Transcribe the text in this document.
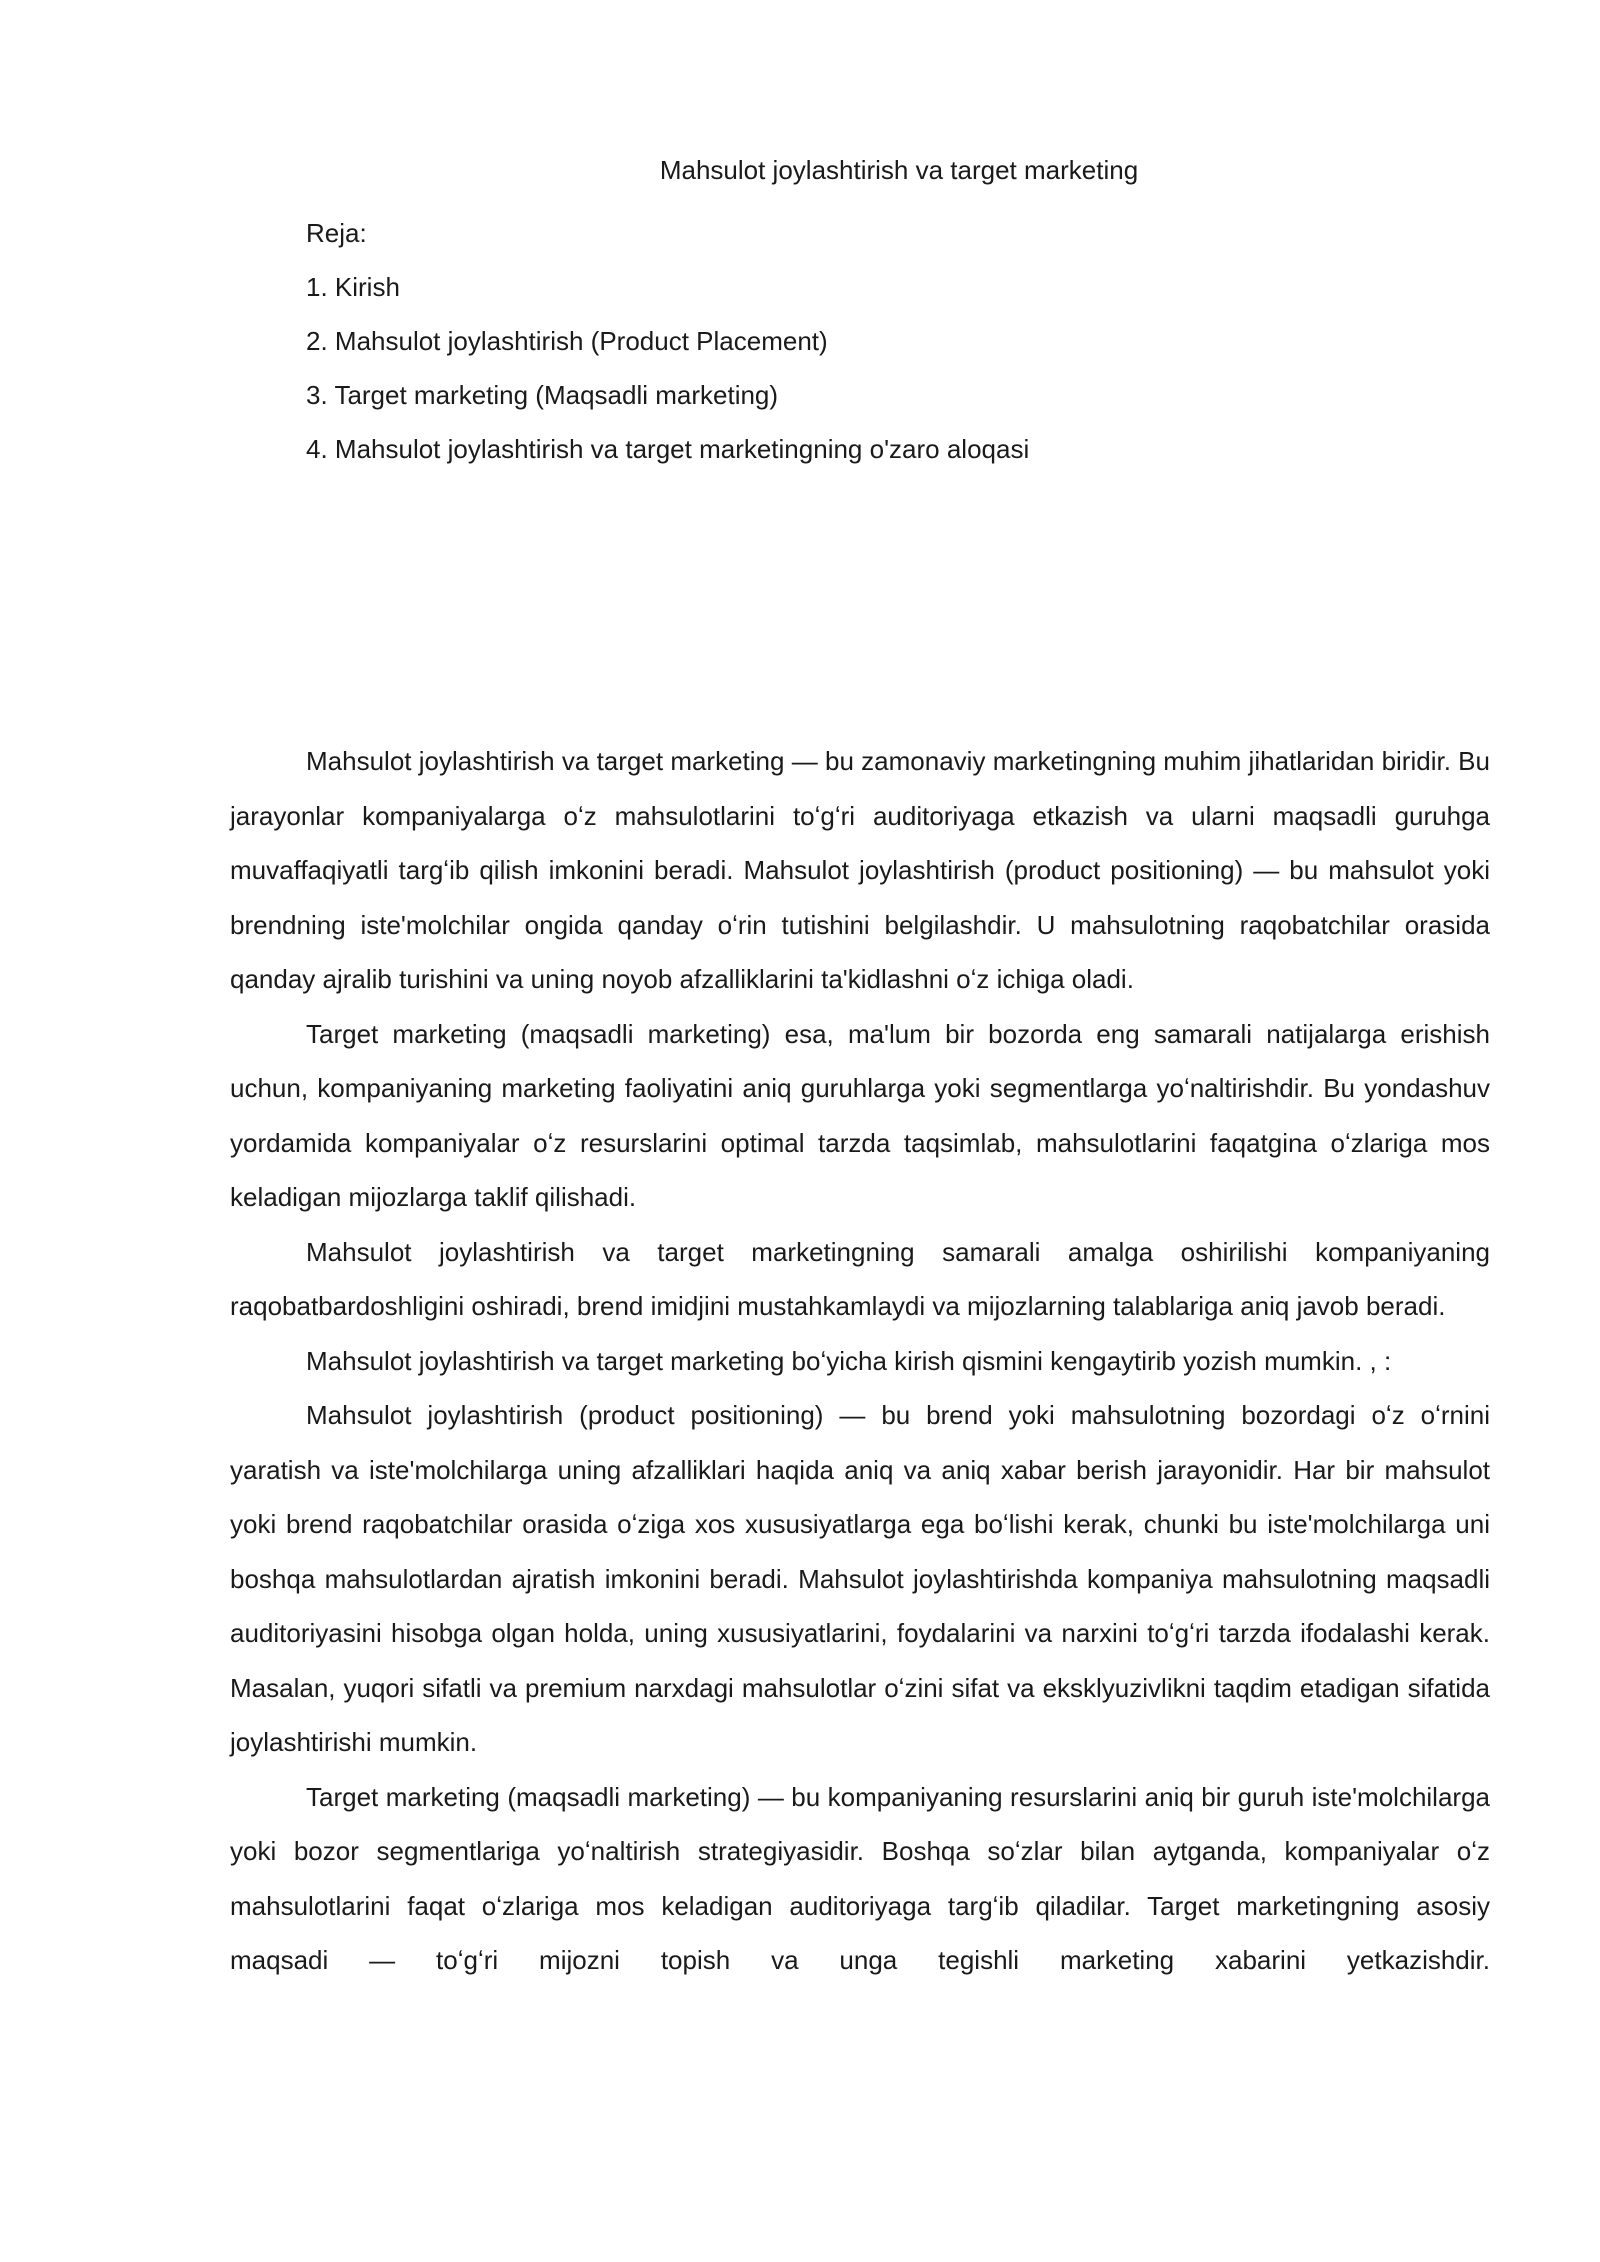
Mahsulot joylashtirish va target marketing

Reja:

1. Kirish

2. Mahsulot joylashtirish (Product Placement)

3. Target marketing (Maqsadli marketing)

4. Mahsulot joylashtirish va target marketingning o'zaro aloqasi

Mahsulot joylashtirish va target marketing — bu zamonaviy marketingning muhim jihatlaridan biridir. Bu jarayonlar kompaniyalarga oʻz mahsulotlarini toʻgʻri auditoriyaga etkazish va ularni maqsadli guruhga muvaffaqiyatli targʻib qilish imkonini beradi. Mahsulot joylashtirish (product positioning) — bu mahsulot yoki brendning iste'molchilar ongida qanday oʻrin tutishini belgilashdir. U mahsulotning raqobatchilar orasida qanday ajralib turishini va uning noyob afzalliklarini ta'kidlashni oʻz ichiga oladi.

Target marketing (maqsadli marketing) esa, ma'lum bir bozorda eng samarali natijalarga erishish uchun, kompaniyaning marketing faoliyatini aniq guruhlarga yoki segmentlarga yoʻnaltirishdir. Bu yondashuv yordamida kompaniyalar oʻz resurslarini optimal tarzda taqsimlab, mahsulotlarini faqatgina oʻzlariga mos keladigan mijozlarga taklif qilishadi.

Mahsulot joylashtirish va target marketingning samarali amalga oshirilishi kompaniyaning raqobatbardoshligini oshiradi, brend imidjini mustahkamlaydi va mijozlarning talablariga aniq javob beradi.

Mahsulot joylashtirish va target marketing boʻyicha kirish qismini kengaytirib yozish mumkin. , :

Mahsulot joylashtirish (product positioning) — bu brend yoki mahsulotning bozordagi oʻz oʻrnini yaratish va iste'molchilarga uning afzalliklari haqida aniq va aniq xabar berish jarayonidir. Har bir mahsulot yoki brend raqobatchilar orasida oʻziga xos xususiyatlarga ega boʻlishi kerak, chunki bu iste'molchilarga uni boshqa mahsulotlardan ajratish imkonini beradi. Mahsulot joylashtirishda kompaniya mahsulotning maqsadli auditoriyasini hisobga olgan holda, uning xususiyatlarini, foydalarini va narxini toʻgʻri tarzda ifodalashi kerak. Masalan, yuqori sifatli va premium narxdagi mahsulotlar oʻzini sifat va eksklyuzivlikni taqdim etadigan sifatida joylashtirishi mumkin.

Target marketing (maqsadli marketing) — bu kompaniyaning resurslarini aniq bir guruh iste'molchilarga yoki bozor segmentlariga yoʻnaltirish strategiyasidir. Boshqa soʻzlar bilan aytganda, kompaniyalar oʻz mahsulotlarini faqat oʻzlariga mos keladigan auditoriyaga targʻib qiladilar. Target marketingning asosiy maqsadi — toʻgʻri mijozni topish va unga tegishli marketing xabarini yetkazishdir.
